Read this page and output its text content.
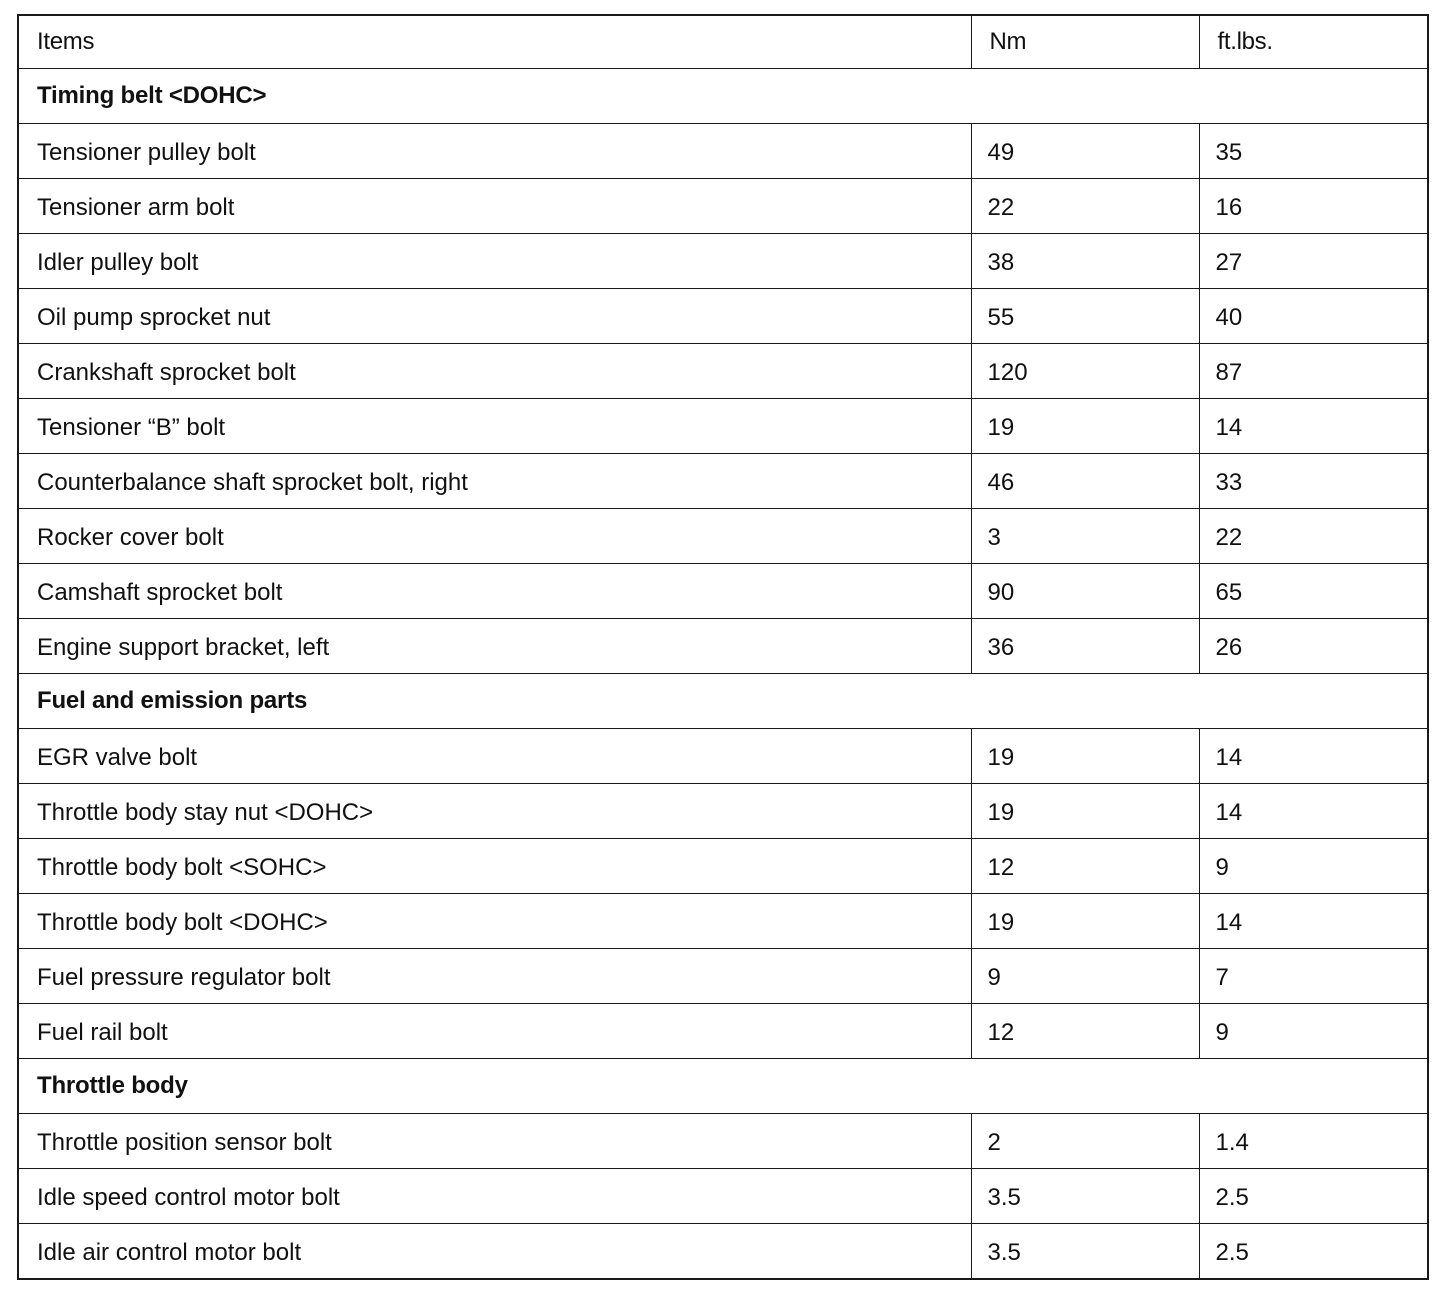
Items	Nm	ft.lbs.
Timing belt <DOHC>		
Tensioner pulley bolt	49	35
Tensioner arm bolt	22	16
Idler pulley bolt	38	27
Oil pump sprocket nut	55	40
Crankshaft sprocket bolt	120	87
Tensioner “B” bolt	19	14
Counterbalance shaft sprocket bolt, right	46	33
Rocker cover bolt	3	22
Camshaft sprocket bolt	90	65
Engine support bracket, left	36	26
Fuel and emission parts		
EGR valve bolt	19	14
Throttle body stay nut <DOHC>	19	14
Throttle body bolt <SOHC>	12	9
Throttle body bolt <DOHC>	19	14
Fuel pressure regulator bolt	9	7
Fuel rail bolt	12	9
Throttle body		
Throttle position sensor bolt	2	1.4
Idle speed control motor bolt	3.5	2.5
Idle air control motor bolt	3.5	2.5
